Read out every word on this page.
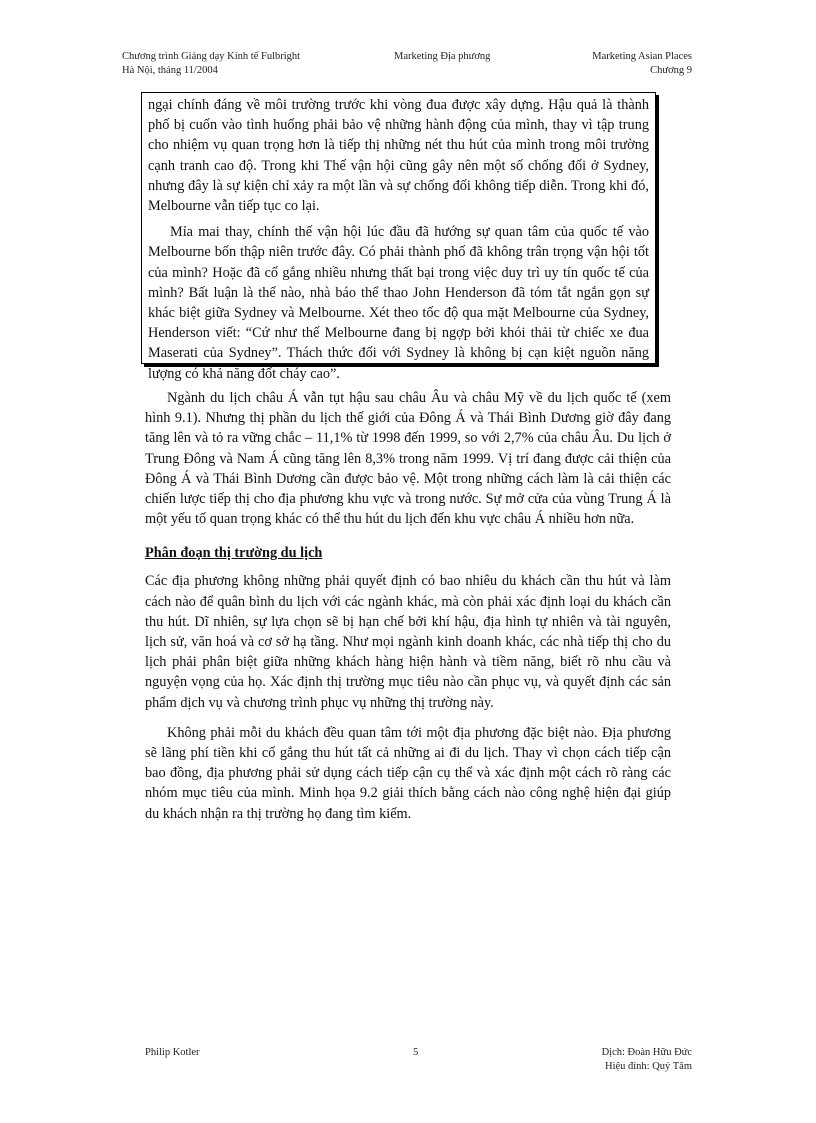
Chương trình Giảng dạy Kinh tế Fulbright
Hà Nội, tháng 11/2004
Marketing Địa phương	Marketing Asian Places
Chương 9

ngại chính đáng về môi trường trước khi vòng đua được xây dựng. Hậu quả là thành phố bị cuốn vào tình huống phải bảo vệ những hành động của mình, thay vì tập trung cho nhiệm vụ quan trọng hơn là tiếp thị những nét thu hút của mình trong môi trường cạnh tranh cao độ. Trong khi Thế vận hội cũng gây nên một số chống đối ở Sydney, nhưng đây là sự kiện chỉ xảy ra một lần và sự chống đối không tiếp diễn. Trong khi đó, Melbourne vẫn tiếp tục co lại.

Mỉa mai thay, chính thế vận hội lúc đầu đã hướng sự quan tâm của quốc tế vào Melbourne bốn thập niên trước đây. Có phải thành phố đã không trân trọng vận hội tốt của mình? Hoặc đã cố gắng nhiều nhưng thất bại trong việc duy trì uy tín quốc tế của mình? Bất luận là thế nào, nhà báo thể thao John Henderson đã tóm tắt ngắn gọn sự khác biệt giữa Sydney và Melbourne. Xét theo tốc độ qua mặt Melbourne của Sydney, Henderson viết: “Cứ như thế Melbourne đang bị ngợp bởi khói thải từ chiếc xe đua Maserati của Sydney”. Thách thức đối với Sydney là không bị cạn kiệt nguồn năng lượng có khả năng đốt cháy cao”.

Ngành du lịch châu Á vẫn tụt hậu sau châu Âu và châu Mỹ về du lịch quốc tế (xem hình 9.1). Nhưng thị phần du lịch thế giới của Đông Á và Thái Bình Dương giờ đây đang tăng lên và tỏ ra vững chắc – 11,1% từ 1998 đến 1999, so với 2,7% của châu Âu. Du lịch ở Trung Đông và Nam Á cũng tăng lên 8,3% trong năm 1999. Vị trí đang được cải thiện của Đông Á và Thái Bình Dương cần được bảo vệ. Một trong những cách làm là cải thiện các chiến lược tiếp thị cho địa phương khu vực và trong nước. Sự mở cửa của vùng Trung Á là một yếu tố quan trọng khác có thể thu hút du lịch đến khu vực châu Á nhiều hơn nữa.

Phân đoạn thị trường du lịch

Các địa phương không những phải quyết định có bao nhiêu du khách cần thu hút và làm cách nào để quân bình du lịch với các ngành khác, mà còn phải xác định loại du khách cần thu hút. Dĩ nhiên, sự lựa chọn sẽ bị hạn chế bởi khí hậu, địa hình tự nhiên và tài nguyên, lịch sử, văn hoá và cơ sở hạ tầng. Như mọi ngành kinh doanh khác, các nhà tiếp thị cho du lịch phải phân biệt giữa những khách hàng hiện hành và tiềm năng, biết rõ nhu cầu và nguyện vọng của họ. Xác định thị trường mục tiêu nào cần phục vụ, và quyết định các sản phẩm dịch vụ và chương trình phục vụ những thị trường này.

Không phải mỗi du khách đều quan tâm tới một địa phương đặc biệt nào. Địa phương sẽ lãng phí tiền khi cố gắng thu hút tất cả những ai đi du lịch. Thay vì chọn cách tiếp cận bao đồng, địa phương phải sử dụng cách tiếp cận cụ thể và xác định một cách rõ ràng các nhóm mục tiêu của mình. Minh họa 9.2 giải thích bằng cách nào công nghệ hiện đại giúp du khách nhận ra thị trường họ đang tìm kiếm.

Philip Kotler	5	Dịch: Đoàn Hữu Đức
Hiệu đính: Quý Tâm
